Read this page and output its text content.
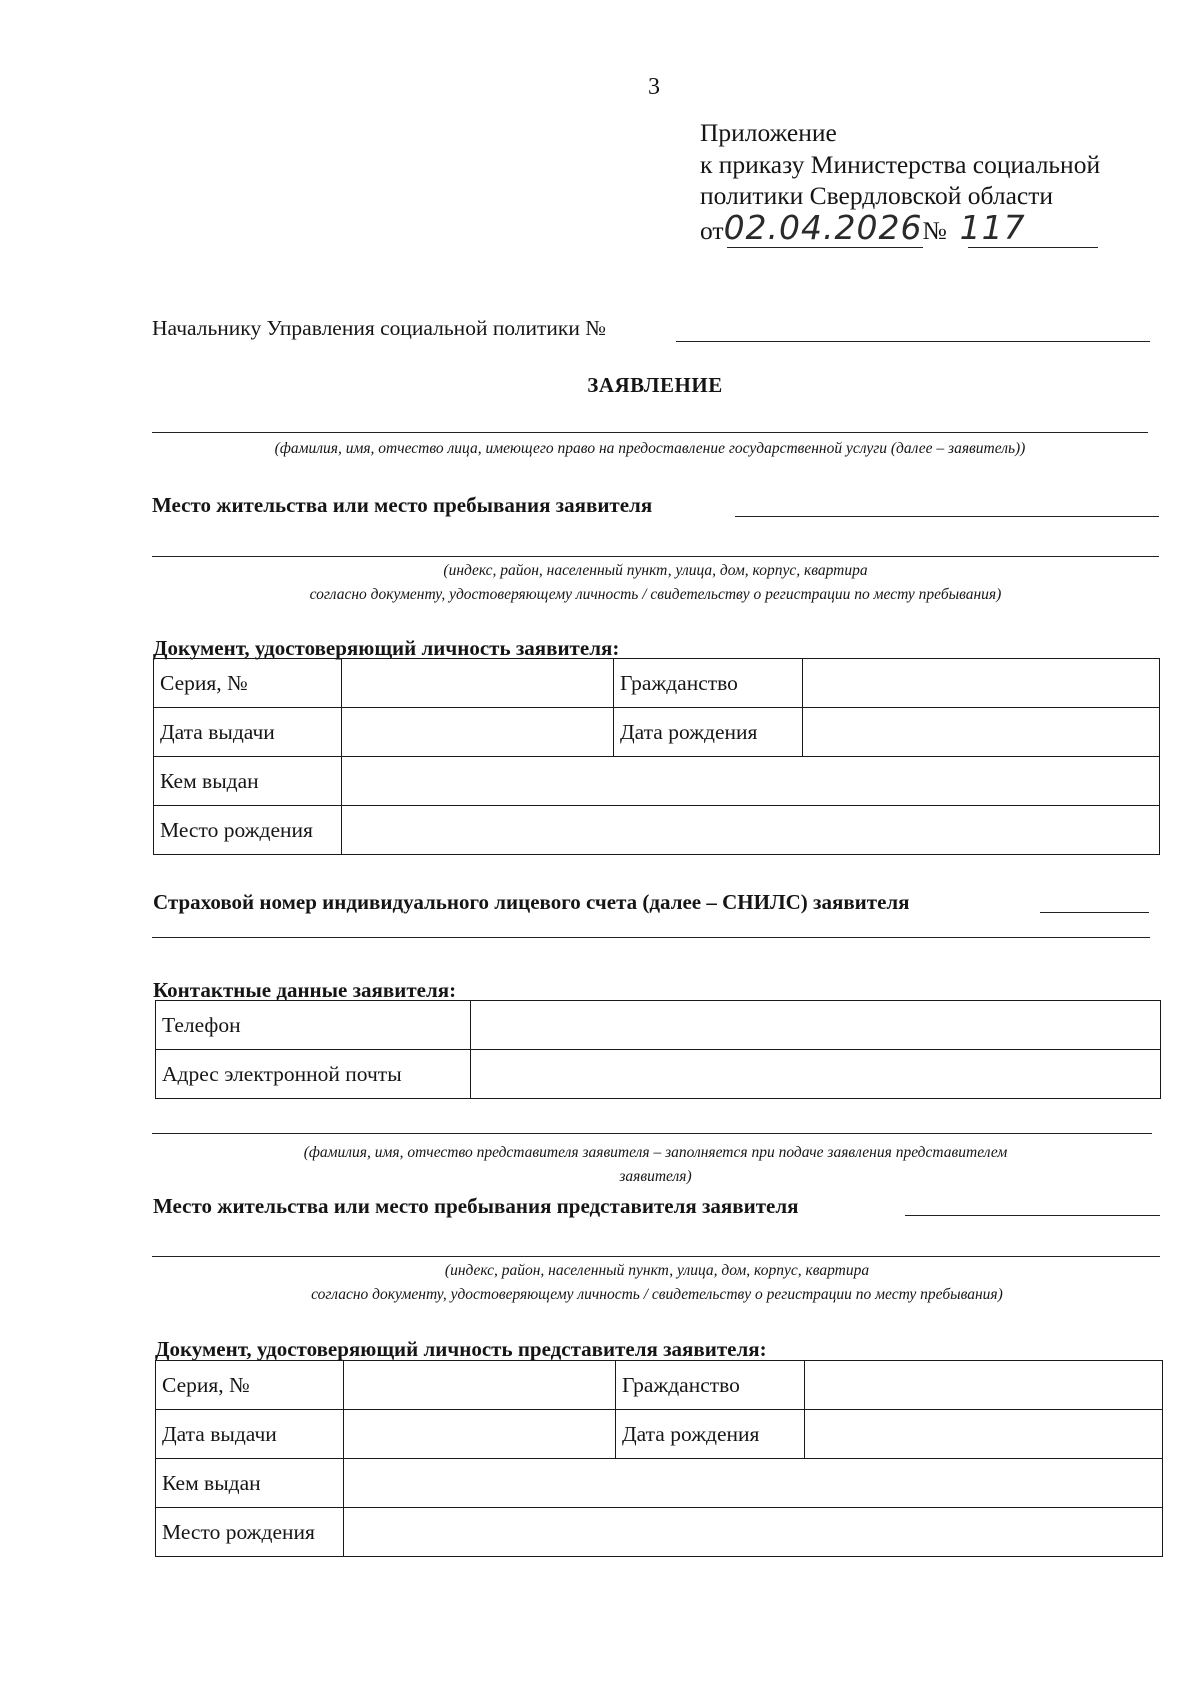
3
Приложение
к приказу Министерства социальной
политики Свердловской области
от02.04.2026№ 117
Начальнику Управления социальной политики №
ЗАЯВЛЕНИЕ
(фамилия, имя, отчество лица, имеющего право на предоставление государственной услуги (далее – заявитель))
Место жительства или место пребывания заявителя
(индекс, район, населенный пункт, улица, дом, корпус, квартира
согласно документу, удостоверяющему личность / свидетельству о регистрации по месту пребывания)
Документ, удостоверяющий личность заявителя:
Серия, №		Гражданство	
Дата выдачи		Дата рождения	
Кем выдан			
Место рождения			
Страховой номер индивидуального лицевого счета (далее – СНИЛС) заявителя
Контактные данные заявителя:
Телефон	
Адрес электронной почты	
(фамилия, имя, отчество представителя заявителя – заполняется при подаче заявления представителем
заявителя)
Место жительства или место пребывания представителя заявителя
(индекс, район, населенный пункт, улица, дом, корпус, квартира
согласно документу, удостоверяющему личность / свидетельству о регистрации по месту пребывания)
Документ, удостоверяющий личность представителя заявителя:
Серия, №		Гражданство	
Дата выдачи		Дата рождения	
Кем выдан			
Место рождения			
